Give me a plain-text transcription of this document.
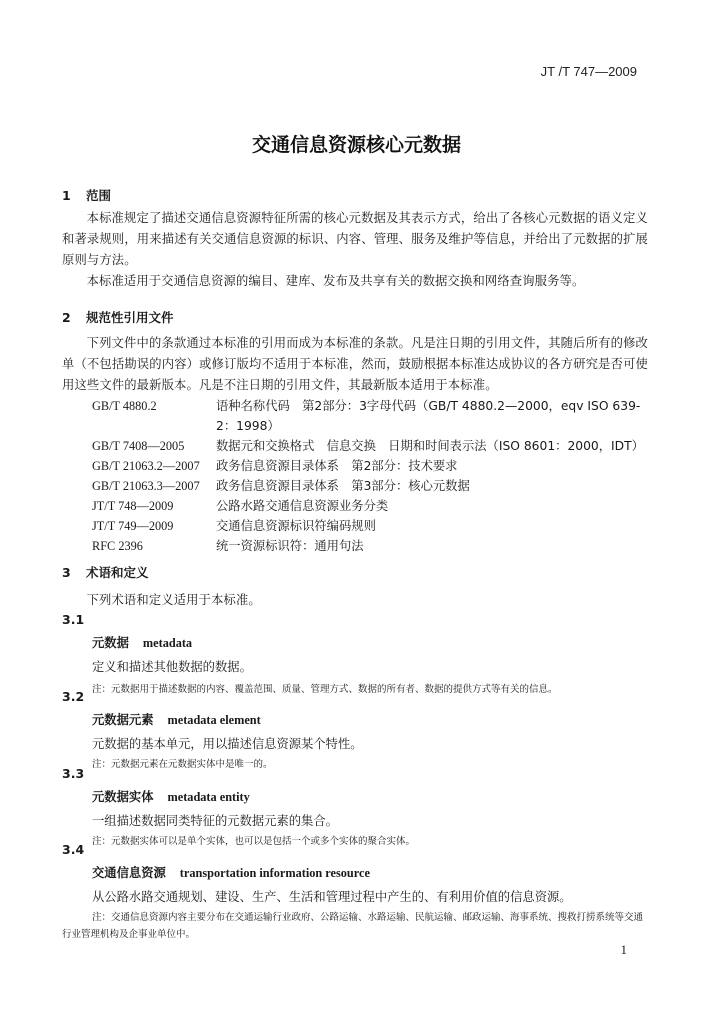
JT /T 747—2009
交通信息资源核心元数据

1 范围

本标准规定了描述交通信息资源特征所需的核心元数据及其表示方式，给出了各核心元数据的语义定义和著录规则，用来描述有关交通信息资源的标识、内容、管理、服务及维护等信息，并给出了元数据的扩展原则与方法。

本标准适用于交通信息资源的编目、建库、发布及共享有关的数据交换和网络查询服务等。

2 规范性引用文件

下列文件中的条款通过本标准的引用而成为本标准的条款。凡是注日期的引用文件，其随后所有的修改单（不包括勘误的内容）或修订版均不适用于本标准，然而，鼓励根据本标准达成协议的各方研究是否可使用这些文件的最新版本。凡是不注日期的引用文件，其最新版本适用于本标准。

GB/T 4880.2	语种名称代码　第2部分：3字母代码（GB/T 4880.2—2000，eqv ISO 639-2：1998）
GB/T 7408—2005	数据元和交换格式　信息交换　日期和时间表示法（ISO 8601：2000，IDT）
GB/T 21063.2—2007	政务信息资源目录体系　第2部分：技术要求
GB/T 21063.3—2007	政务信息资源目录体系　第3部分：核心元数据
JT/T 748—2009	公路水路交通信息资源业务分类
JT/T 749—2009	交通信息资源标识符编码规则
RFC 2396	统一资源标识符：通用句法

3 术语和定义

下列术语和定义适用于本标准。

3.1

元数据 metadata
定义和描述其他数据的数据。
注：元数据用于描述数据的内容、覆盖范围、质量、管理方式、数据的所有者、数据的提供方式等有关的信息。

3.2

元数据元素 metadata element
元数据的基本单元，用以描述信息资源某个特性。
注：元数据元素在元数据实体中是唯一的。

3.3

元数据实体 metadata entity
一组描述数据同类特征的元数据元素的集合。
注：元数据实体可以是单个实体，也可以是包括一个或多个实体的聚合实体。

3.4

交通信息资源 transportation information resource
从公路水路交通规划、建设、生产、生活和管理过程中产生的、有利用价值的信息资源。
注：交通信息资源内容主要分布在交通运输行业政府、公路运输、水路运输、民航运输、邮政运输、海事系统、搜救打捞系统等交通行业管理机构及企事业单位中。
1
